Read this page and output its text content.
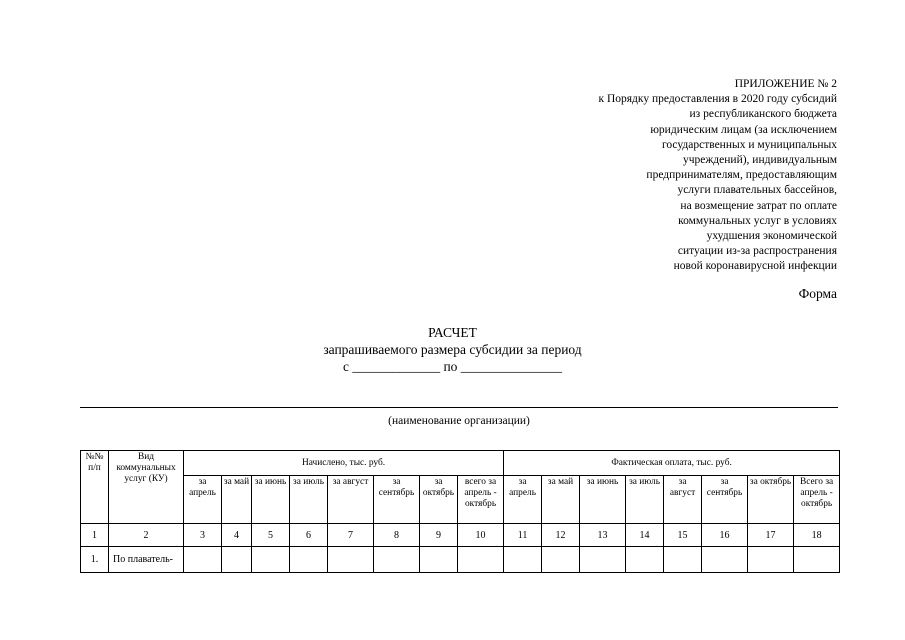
ПРИЛОЖЕНИЕ № 2
к Порядку предоставления в 2020 году субсидий
из республиканского бюджета
юридическим лицам (за исключением
государственных и муниципальных
учреждений), индивидуальным
предпринимателям, предоставляющим
услуги плавательных бассейнов,
на возмещение затрат по оплате
коммунальных услуг в условиях
ухудшения экономической
ситуации из-за распространения
новой коронавирусной инфекции
Форма
РАСЧЕТ
запрашиваемого размера субсидии за период
с _____________ по _______________
(наименование организации)
№№ п/п	Вид коммунальных услуг (КУ)	Начислено, тыс. руб.								Фактическая оплата, тыс. руб.							
		за апрель	за май	за июнь	за июль	за август	за сентябрь	за октябрь	всего за апрель - октябрь	за апрель	за май	за июнь	за июль	за август	за сентябрь	за октябрь	Всего за апрель - октябрь
1	2	3	4	5	6	7	8	9	10	11	12	13	14	15	16	17	18
1.	По плаватель-																
